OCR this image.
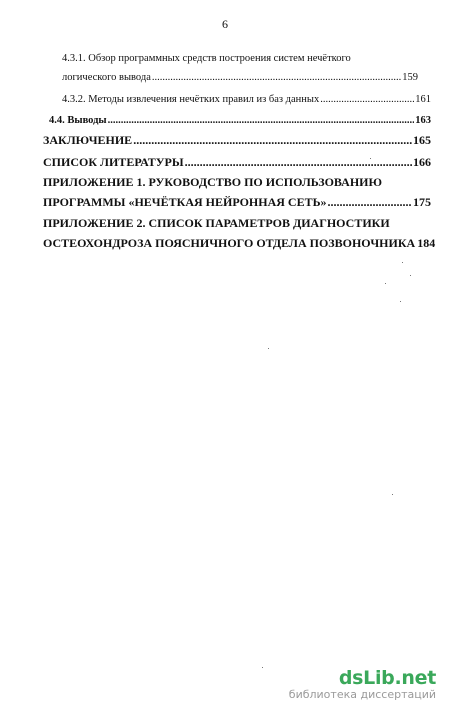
6
4.3.1. Обзор программных средств построения систем нечёткого
логического вывода .....	159
4.3.2. Методы извлечения нечётких правил из баз данных .....	161
4.4. Выводы .....	163
ЗАКЛЮЧЕНИЕ .....	165
СПИСОК ЛИТЕРАТУРЫ .....	166
ПРИЛОЖЕНИЕ 1. РУКОВОДСТВО ПО ИСПОЛЬЗОВАНИЮ
ПРОГРАММЫ «НЕЧЁТКАЯ НЕЙРОННАЯ СЕТЬ» .....	175
ПРИЛОЖЕНИЕ 2. СПИСОК ПАРАМЕТРОВ ДИАГНОСТИКИ
ОСТЕОХОНДРОЗА ПОЯСНИЧНОГО ОТДЕЛА ПОЗВОНОЧНИКА 184
dsLib.net
библиотека диссертаций
